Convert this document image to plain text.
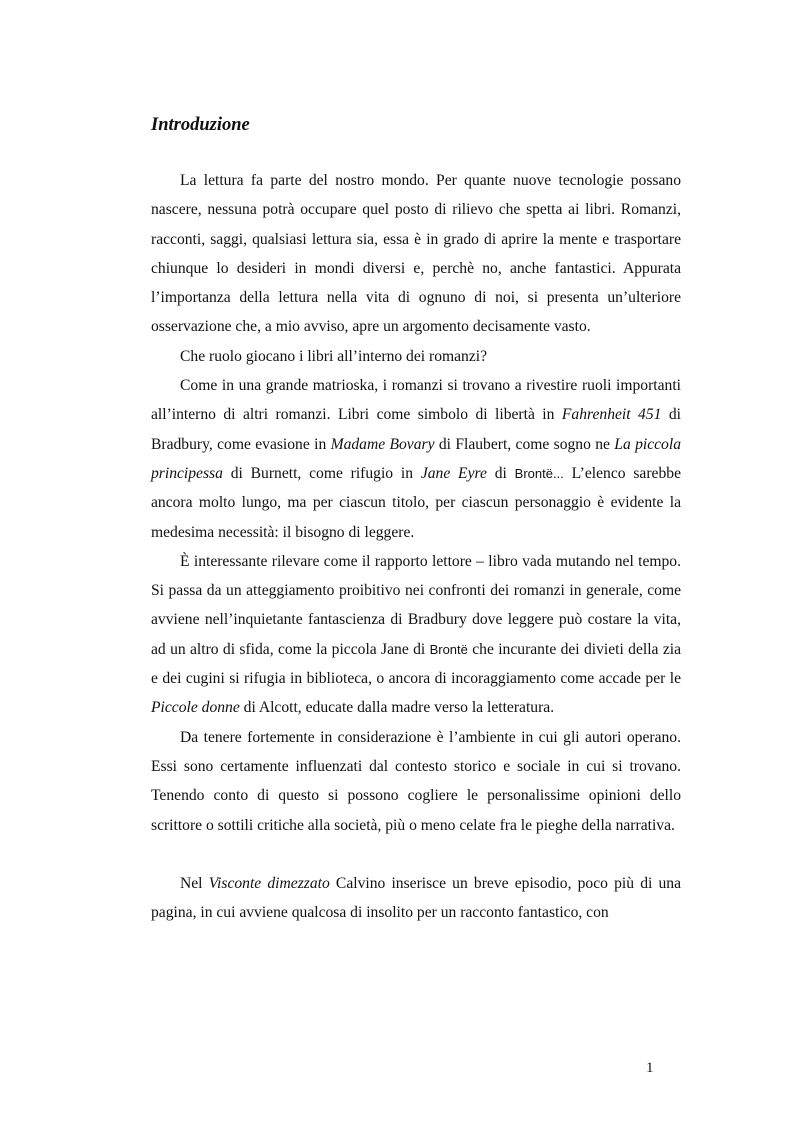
Introduzione

La lettura fa parte del nostro mondo. Per quante nuove tecnologie possano nascere, nessuna potrà occupare quel posto di rilievo che spetta ai libri. Romanzi, racconti, saggi, qualsiasi lettura sia, essa è in grado di aprire la mente e trasportare chiunque lo desideri in mondi diversi e, perchè no, anche fantastici. Appurata l’importanza della lettura nella vita di ognuno di noi, si presenta un’ulteriore osservazione che, a mio avviso, apre un argomento decisamente vasto.

Che ruolo giocano i libri all’interno dei romanzi?

Come in una grande matrioska, i romanzi si trovano a rivestire ruoli importanti all’interno di altri romanzi. Libri come simbolo di libertà in Fahrenheit 451 di Bradbury, come evasione in Madame Bovary di Flaubert, come sogno ne La piccola principessa di Burnett, come rifugio in Jane Eyre di Brontë... L’elenco sarebbe ancora molto lungo, ma per ciascun titolo, per ciascun personaggio è evidente la medesima necessità: il bisogno di leggere.

È interessante rilevare come il rapporto lettore – libro vada mutando nel tempo. Si passa da un atteggiamento proibitivo nei confronti dei romanzi in generale, come avviene nell’inquietante fantascienza di Bradbury dove leggere può costare la vita, ad un altro di sfida, come la piccola Jane di Brontë che incurante dei divieti della zia e dei cugini si rifugia in biblioteca, o ancora di incoraggiamento come accade per le Piccole donne di Alcott, educate dalla madre verso la letteratura.

Da tenere fortemente in considerazione è l’ambiente in cui gli autori operano. Essi sono certamente influenzati dal contesto storico e sociale in cui si trovano. Tenendo conto di questo si possono cogliere le personalissime opinioni dello scrittore o sottili critiche alla società, più o meno celate fra le pieghe della narrativa.

Nel Visconte dimezzato Calvino inserisce un breve episodio, poco più di una pagina, in cui avviene qualcosa di insolito per un racconto fantastico, con

1
